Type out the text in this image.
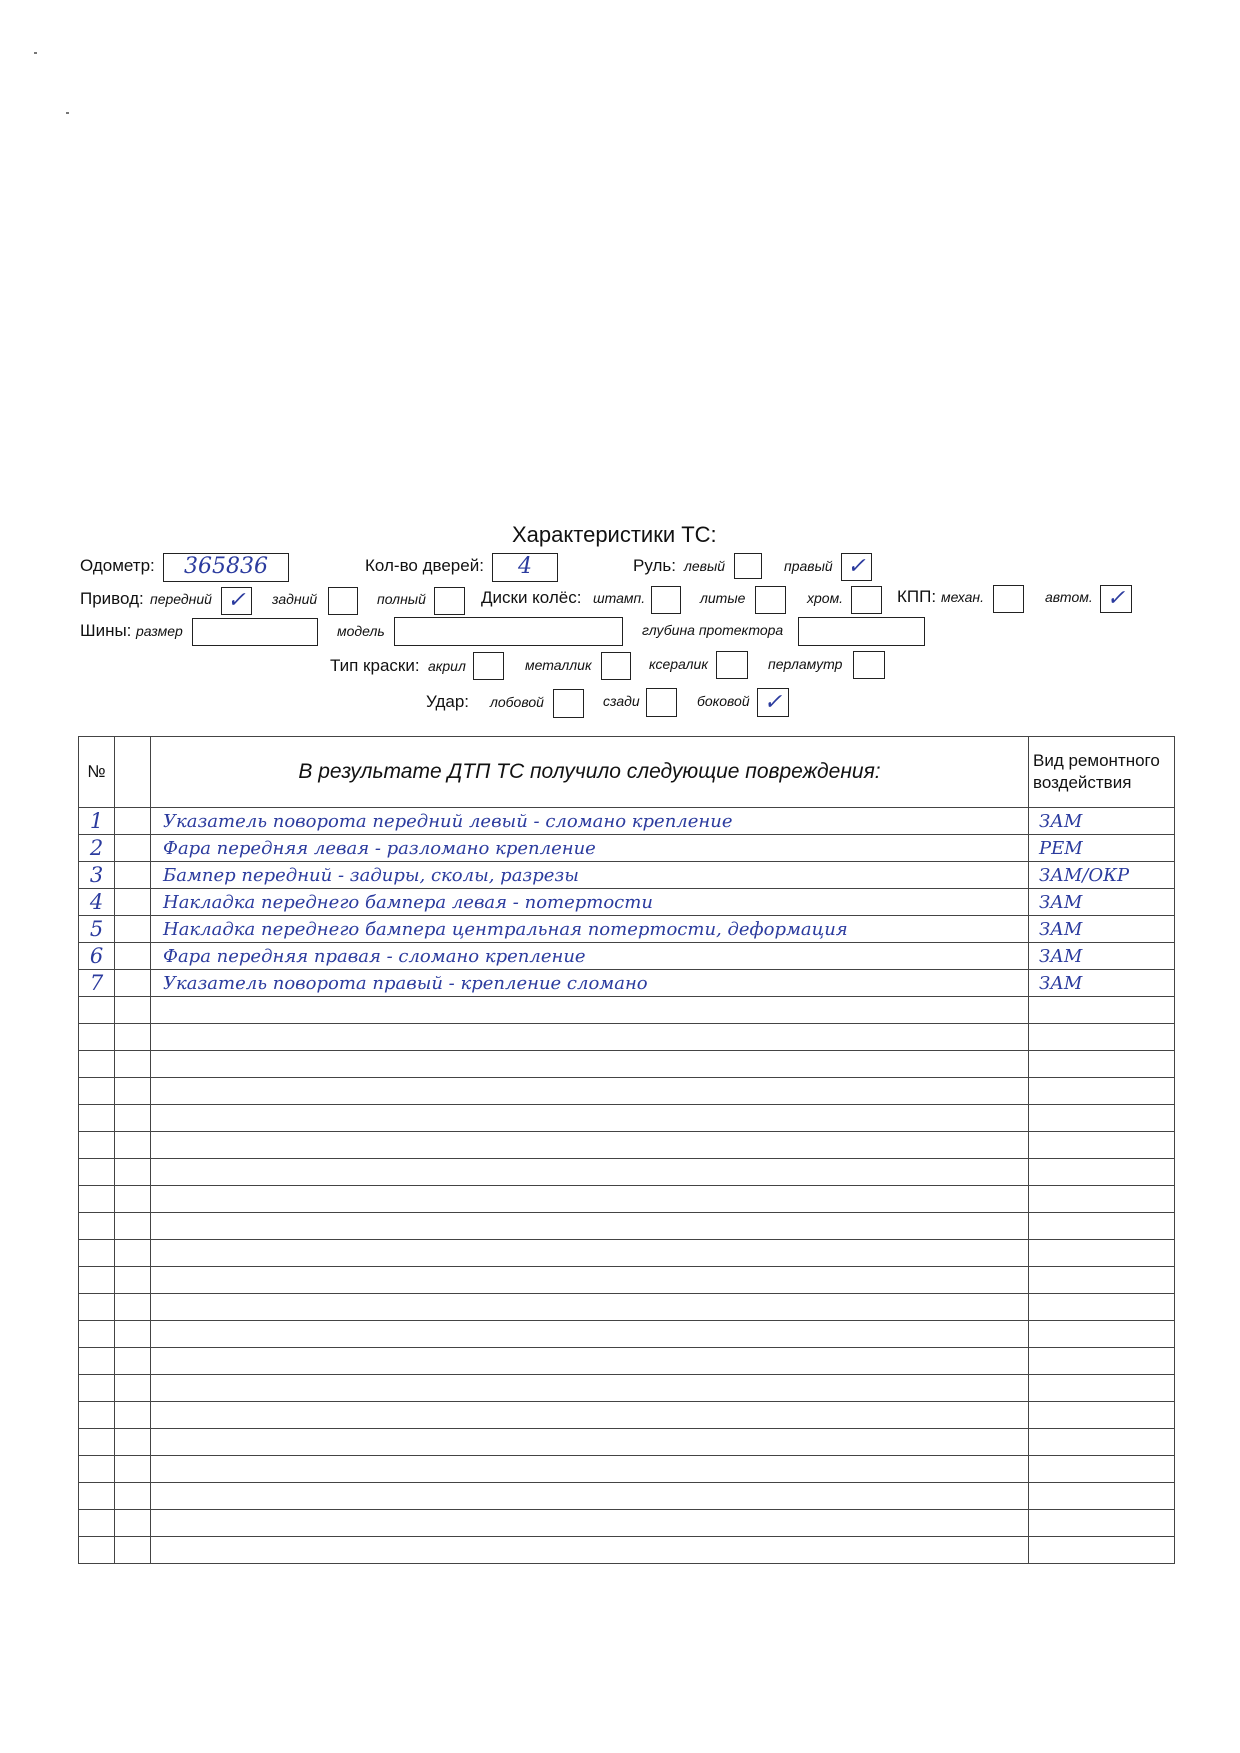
Характеристики ТС:
Одометр:	365836	Кол-во дверей:	4	Руль: левый	правый ✓
Привод: передний ✓	задний	полный	Диски колёс: штамп.	литые	хром.	КПП: механ.	автом. ✓
Шины: размер	модель	глубина протектора
Тип краски: акрил	металлик	ксералик	перламутр
Удар: лобовой	сзади	боковой ✓
№		В результате ДТП ТС получило следующие повреждения:	Вид ремонтного воздействия
1		Указатель поворота передний левый - сломано крепление	ЗАМ
2		Фара передняя левая - разломано крепление	РЕМ
3		Бампер передний - задиры, сколы, разрезы	ЗАМ/ОКР
4		Накладка переднего бампера левая - потертости	ЗАМ
5		Накладка переднего бампера центральная потертости, деформация	ЗАМ
6		Фара передняя правая - сломано крепление	ЗАМ
7		Указатель поворота правый - крепление сломано	ЗАМ
